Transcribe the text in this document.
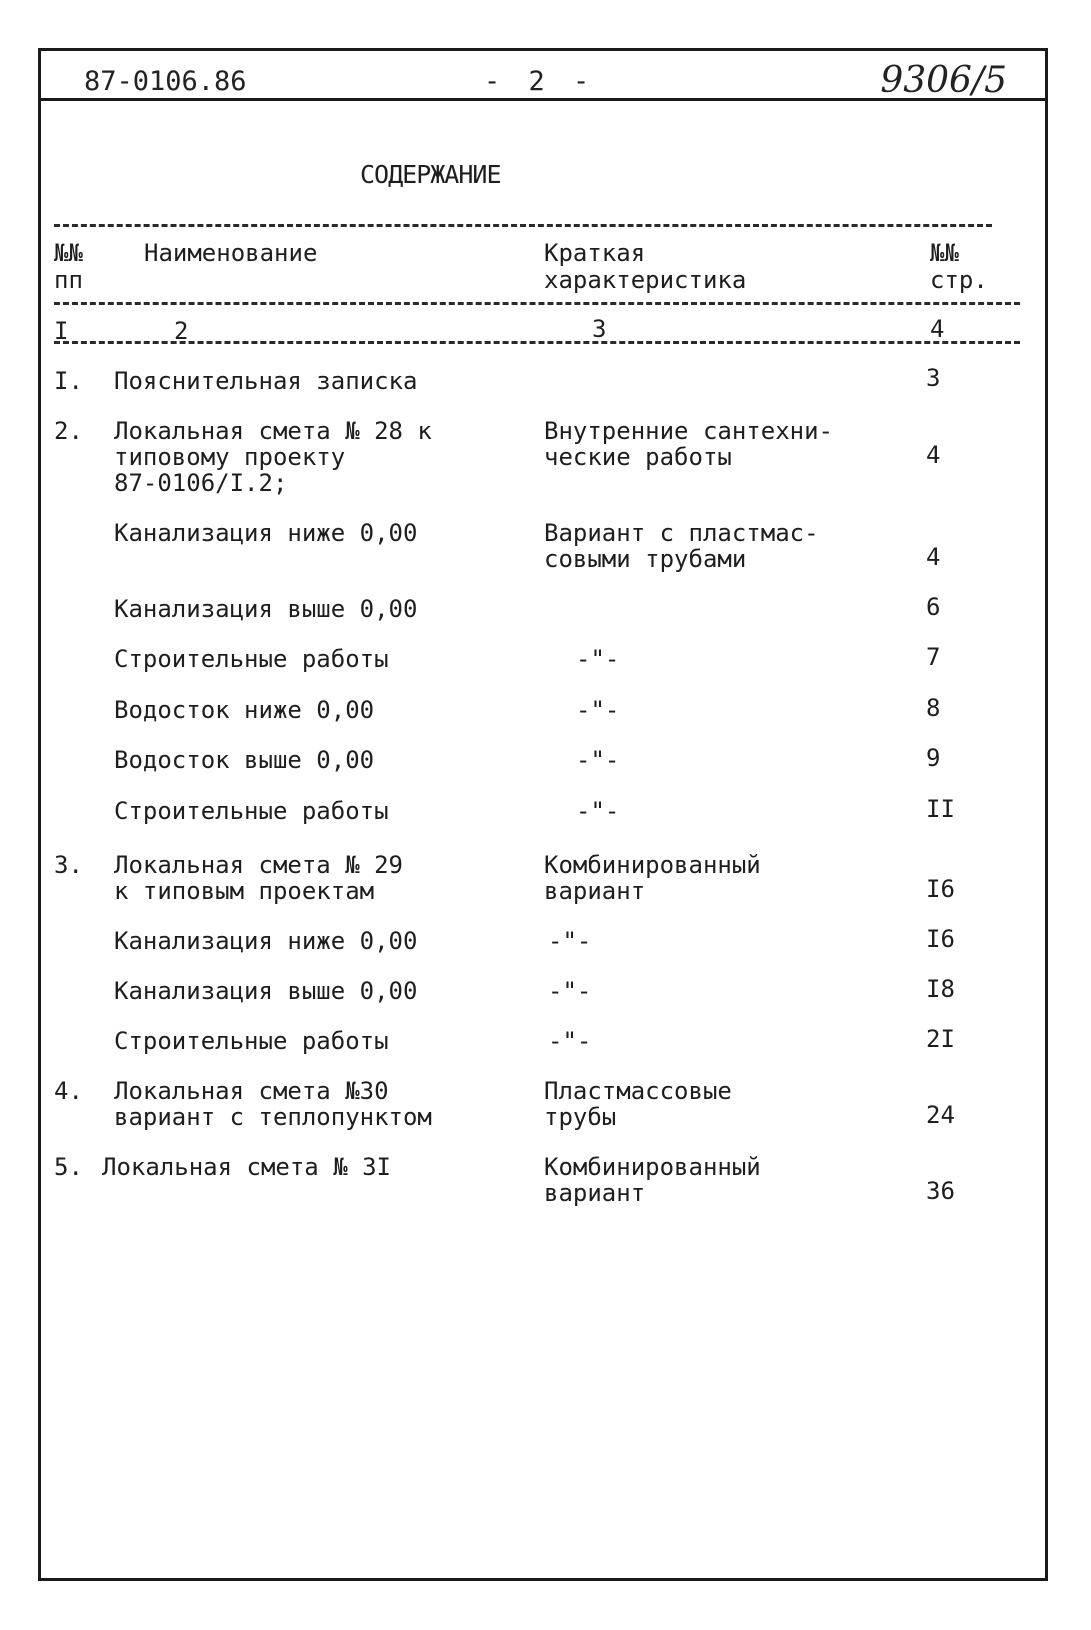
87-0106.86	- 2 -	9306/5
СОДЕРЖАНИЕ
№№
пп
Наименование	Краткая
характеристика
№№
стр.
I	2	3	4
I. Пояснительная записка	3
2. Локальная смета № 28 к
типовому проекту
87-0106/I.2;
Внутренние сантехни-
ческие работы	4
Канализация ниже 0,00	Вариант с пластмас-
совыми трубами	4
Канализация выше 0,00	6
Строительные работы	-"-	7
Водосток ниже 0,00	-"-	8
Водосток выше 0,00	-"-	9
Строительные работы	-"-	II
3. Локальная смета № 29
к типовым проектам
Комбинированный
вариант	I6
Канализация ниже 0,00	-"-	I6
Канализация выше 0,00	-"-	I8
Строительные работы	-"-	2I
4. Локальная смета №30
вариант с теплопунктом
Пластмассовые
трубы	24
5. Локальная смета № 3I	Комбинированный
вариант	36
